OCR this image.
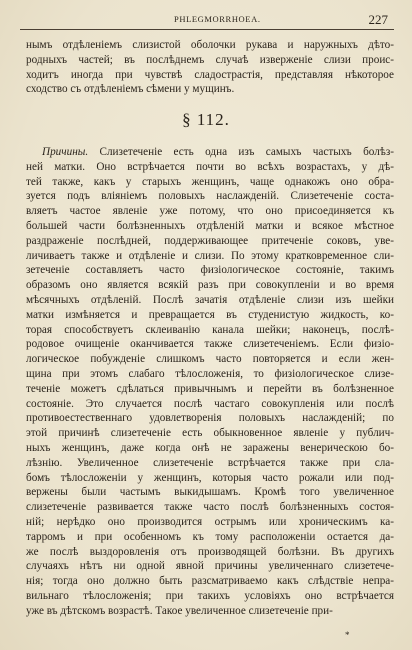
PHLEGMORRHOEA.	227
нымъ отдѣленіемъ слизистой оболочки рукава и наружныхъ дѣто-
родныхъ частей; въ послѣднемъ случаѣ изверженіе слизи проис-
ходитъ иногда при чувствѣ сладострастія, представляя нѣкоторое
сходство съ отдѣленіемъ сѣмени у мущинъ.
§ 112.
Причины. Слизетеченіе есть одна изъ самыхъ частыхъ болѣз-
ней матки. Оно встрѣчается почти во всѣхъ возрастахъ, у дѣ-
тей также, какъ у старыхъ женщинъ, чаще однакожъ оно обра-
зуется подъ вліяніемъ половыхъ наслажденій. Слизетеченіе соста-
вляетъ частое явленіе уже потому, что оно присоединяется къ
большей части болѣзненныхъ отдѣленій матки и всякое мѣстное
раздраженіе послѣдней, поддерживающее притеченіе соковъ, уве-
личиваетъ также и отдѣленіе и слизи. По этому кратковременное сли-
зетеченіе составляетъ часто физіологическое состояніе, такимъ
образомъ оно является всякій разъ при совокупленіи и во время
мѣсячныхъ отдѣленій. Послѣ зачатія отдѣленіе слизи изъ шейки
матки измѣняется и превращается въ студенистую жидкость, ко-
торая способствуетъ склеиванію канала шейки; наконецъ, послѣ-
родовое очищеніе оканчивается также слизетеченіемъ. Если физіо-
логическое побужденіе слишкомъ часто повторяется и если жен-
щина при этомъ слабаго тѣлосложенія, то физіологическое слизе-
теченіе можетъ сдѣлаться привычнымъ и перейти въ болѣзненное
состояніе. Это случается послѣ частаго совокупленія или послѣ
противоестественнаго удовлетворенія половыхъ наслажденій; по
этой причинѣ слизетеченіе есть обыкновенное явленіе у публич-
ныхъ женщинъ, даже когда онѣ не заражены венерическою бо-
лѣзнію. Увеличенное слизетеченіе встрѣчается также при сла-
бомъ тѣлосложеніи у женщинъ, которыя часто рожали или под-
вержены были частымъ выкидышамъ. Кромѣ того увеличенное
слизетеченіе развивается также часто послѣ болѣзненныхъ состоя-
ній; нерѣдко оно производится острымъ или хроническимъ ка-
тарромъ и при особенномъ къ тому расположеніи остается да-
же послѣ выздоровленія отъ производящей болѣзни. Въ другихъ
случаяхъ нѣтъ ни одной явной причины увеличеннаго слизетече-
нія; тогда оно должно быть разсматриваемо какъ слѣдствіе непра-
вильнаго тѣлосложенія; при такихъ условіяхъ оно встрѣчается
уже въ дѣтскомъ возрастѣ. Такое увеличенное слизетеченіе при-
*
